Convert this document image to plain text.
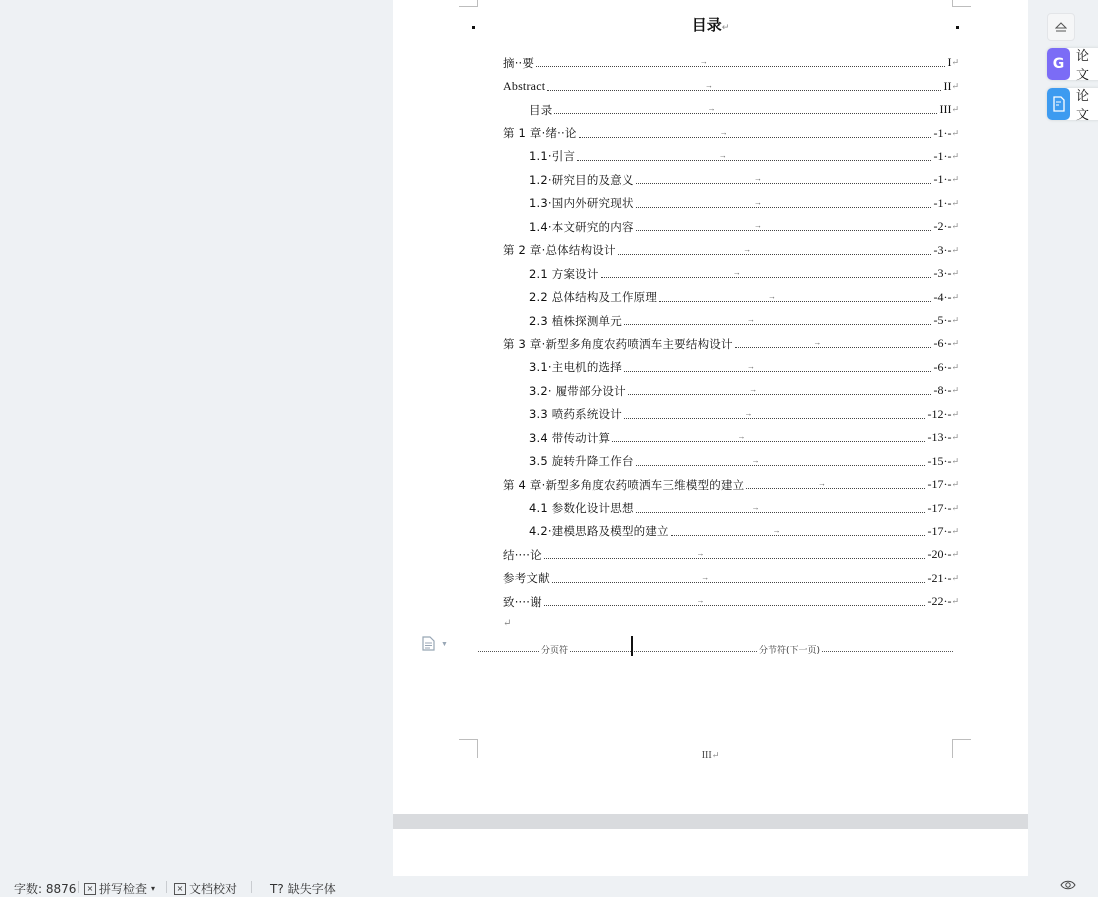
目录↵
摘··要	→	I ↵
Abstract	→	II ↵
目录	→	III ↵
第 1 章·绪··论	→	-1·- ↵
1.1·引言	→	-1·- ↵
1.2·研究目的及意义	→	-1·- ↵
1.3·国内外研究现状	→	-1·- ↵
1.4·本文研究的内容	→	-2·- ↵
第 2 章·总体结构设计	→	-3·- ↵
2.1 方案设计	→	-3·- ↵
2.2 总体结构及工作原理	→	-4·- ↵
2.3 植株探测单元	→	-5·- ↵
第 3 章·新型多角度农药喷洒车主要结构设计	→	-6·- ↵
3.1·主电机的选择	→	-6·- ↵
3.2· 履带部分设计	→	-8·- ↵
3.3 喷药系统设计	→	-12·- ↵
3.4 带传动计算	→	-13·- ↵
3.5 旋转升降工作台	→	-15·- ↵
第 4 章·新型多角度农药喷洒车三维模型的建立	→	-17·- ↵
4.1 参数化设计思想	→	-17·- ↵
4.2·建模思路及模型的建立	→	-17·- ↵
结····论	→	-20·- ↵
参考文献	→	-21·- ↵
致····谢	→	-22·- ↵
↵
分页符	分节符(下一页)
III↵
▼
G 论文
论文
字数: 8876	× 拼写检查 ▾	× 文档校对	T? 缺失字体
